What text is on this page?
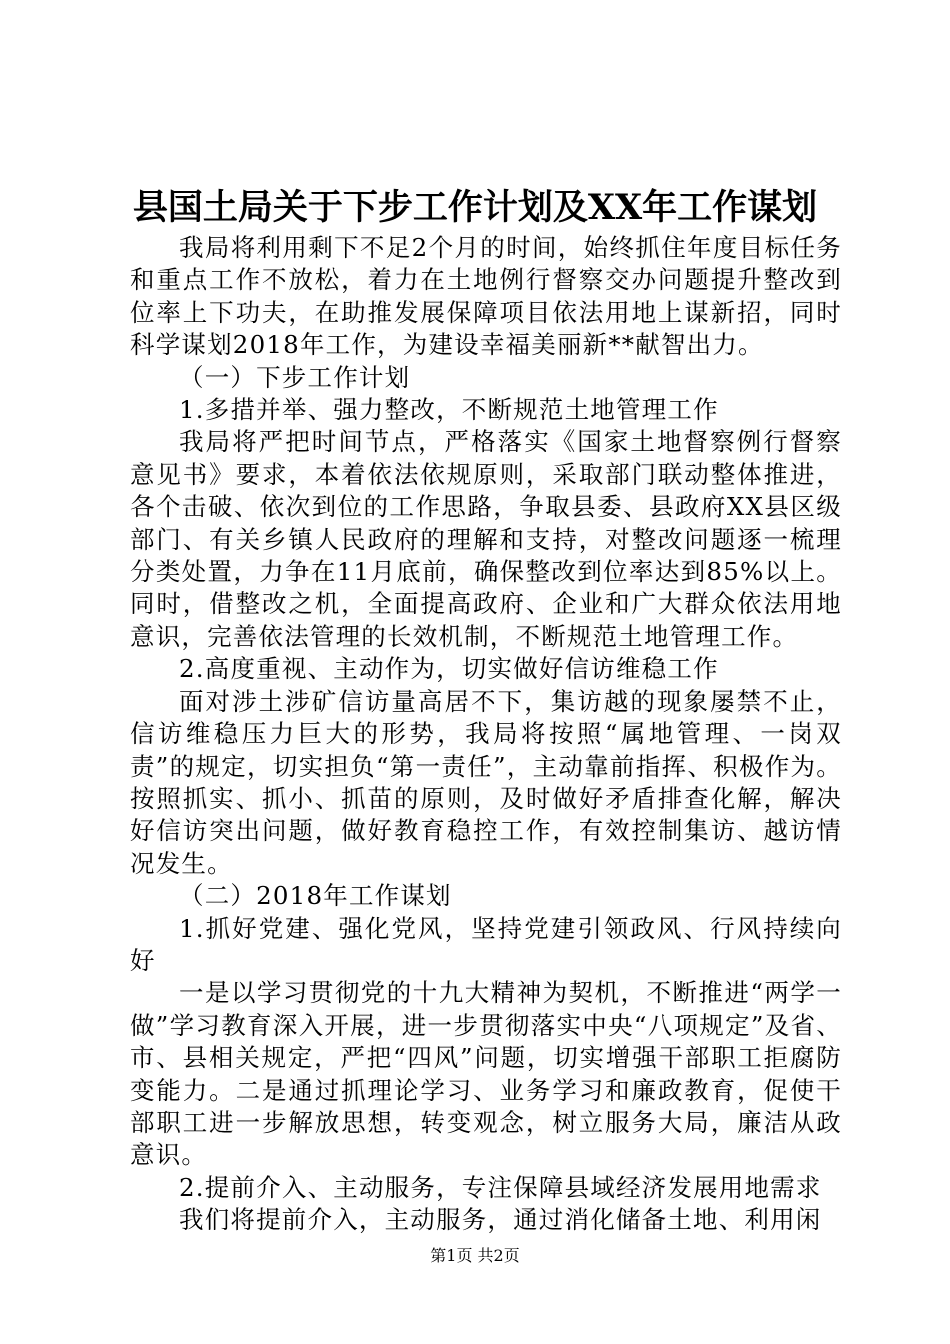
县国土局关于下步工作计划及XX年工作谋划

我局将利用剩下不足2个月的时间，始终抓住年度目标任务和重点工作不放松，着力在土地例行督察交办问题提升整改到位率上下功夫，在助推发展保障项目依法用地上谋新招，同时科学谋划2018年工作，为建设幸福美丽新**献智出力。

（一）下步工作计划

1.多措并举、强力整改，不断规范土地管理工作

我局将严把时间节点，严格落实《国家土地督察例行督察意见书》要求，本着依法依规原则，采取部门联动整体推进，各个击破、依次到位的工作思路，争取县委、县政府XX县区级部门、有关乡镇人民政府的理解和支持，对整改问题逐一梳理分类处置，力争在11月底前，确保整改到位率达到85%以上。同时，借整改之机，全面提高政府、企业和广大群众依法用地意识，完善依法管理的长效机制，不断规范土地管理工作。

2.高度重视、主动作为，切实做好信访维稳工作

面对涉土涉矿信访量高居不下，集访越的现象屡禁不止，信访维稳压力巨大的形势，我局将按照“属地管理、一岗双责”的规定，切实担负“第一责任”，主动靠前指挥、积极作为。按照抓实、抓小、抓苗的原则，及时做好矛盾排查化解，解决好信访突出问题，做好教育稳控工作，有效控制集访、越访情况发生。

（二）2018年工作谋划

1.抓好党建、强化党风，坚持党建引领政风、行风持续向好

一是以学习贯彻党的十九大精神为契机，不断推进“两学一做”学习教育深入开展，进一步贯彻落实中央“八项规定”及省、市、县相关规定，严把“四风”问题，切实增强干部职工拒腐防变能力。二是通过抓理论学习、业务学习和廉政教育，促使干部职工进一步解放思想，转变观念，树立服务大局，廉洁从政意识。

2.提前介入、主动服务，专注保障县域经济发展用地需求

我们将提前介入，主动服务，通过消化储备土地、利用闲

第1页 共2页
